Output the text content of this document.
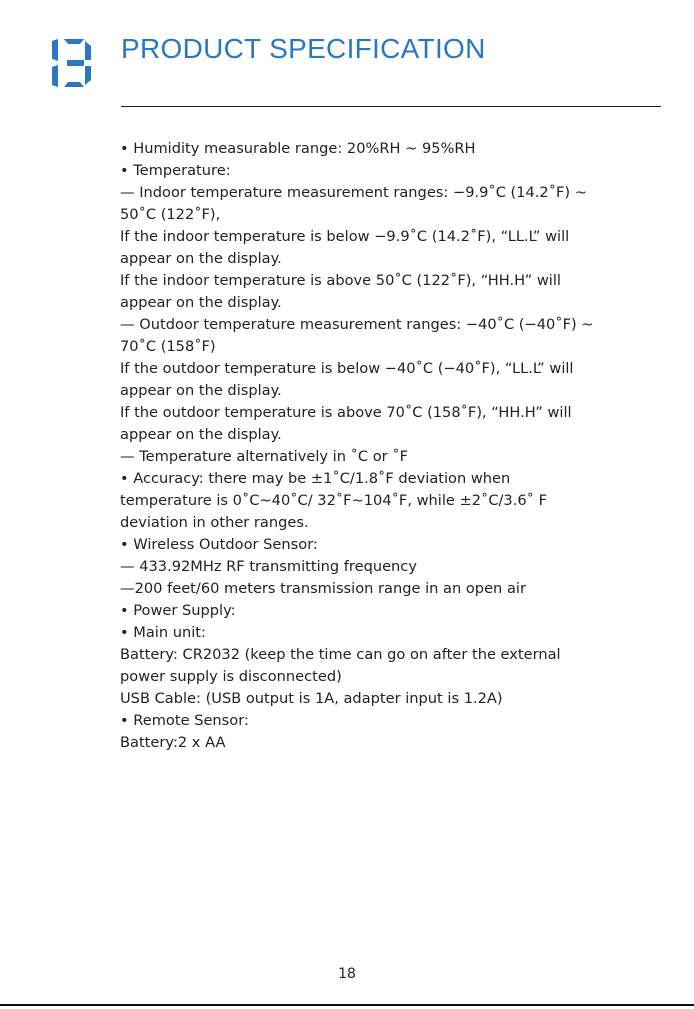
PRODUCT SPECIFICATION
• Humidity measurable range: 20%RH ~ 95%RH
• Temperature:
— Indoor temperature measurement ranges: −9.9˚C (14.2˚F) ~
50˚C (122˚F),
If the indoor temperature is below −9.9˚C (14.2˚F), “LL.L” will
appear on the display.
If the indoor temperature is above 50˚C (122˚F), “HH.H” will
appear on the display.
— Outdoor temperature measurement ranges: −40˚C (−40˚F) ~
70˚C (158˚F)
If the outdoor temperature is below −40˚C (−40˚F), “LL.L” will
appear on the display.
If the outdoor temperature is above 70˚C (158˚F), “HH.H” will
appear on the display.
— Temperature alternatively in ˚C or ˚F
• Accuracy: there may be ±1˚C/1.8˚F deviation when
temperature is 0˚C~40˚C/ 32˚F~104˚F, while ±2˚C/3.6˚ F
deviation in other ranges.
• Wireless Outdoor Sensor:
— 433.92MHz RF transmitting frequency
—200 feet/60 meters transmission range in an open air
• Power Supply:
• Main unit:
Battery: CR2032 (keep the time can go on after the external
power supply is disconnected)
USB Cable: (USB output is 1A, adapter input is 1.2A)
• Remote Sensor:
Battery:2 x AA
18
